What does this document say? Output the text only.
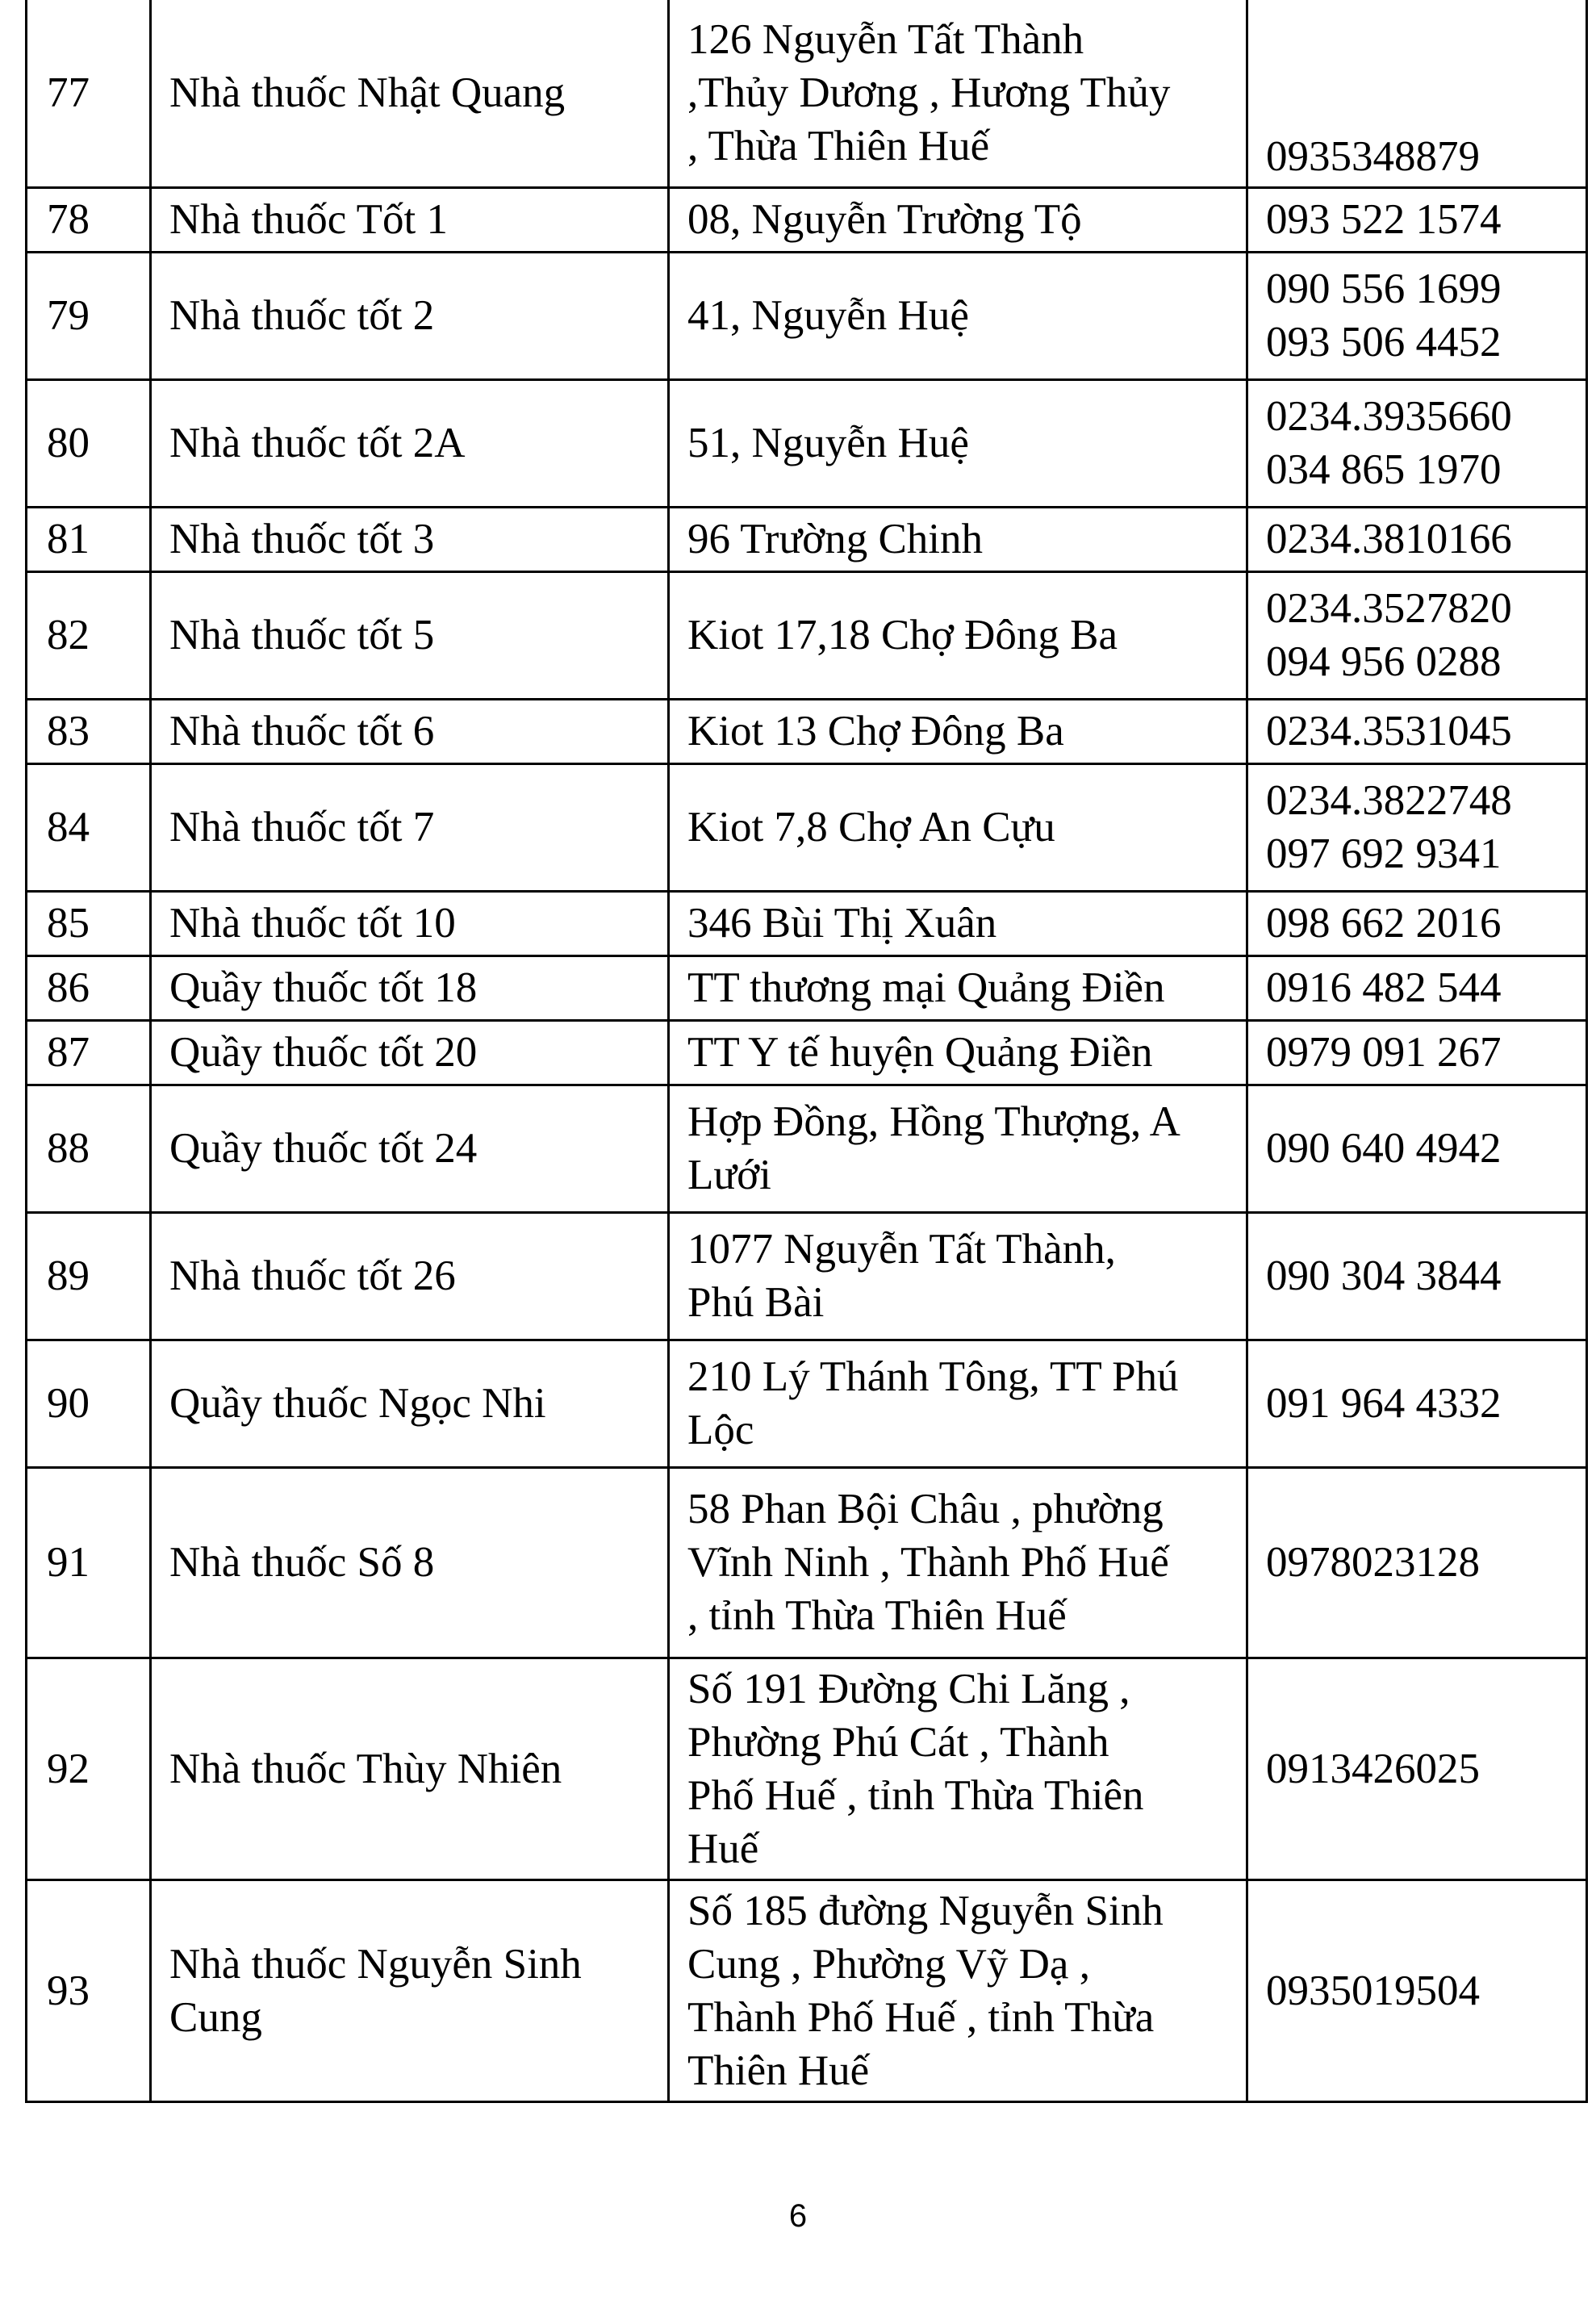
77	Nhà thuốc Nhật Quang	126 Nguyễn Tất Thành
,Thủy Dương , Hương Thủy
, Thừa Thiên Huế	0935348879

78	Nhà thuốc Tốt 1	08, Nguyễn Trường Tộ	093 522 1574

79	Nhà thuốc tốt 2	41, Nguyễn Huệ	090 556 1699
093 506 4452

80	Nhà thuốc tốt 2A	51, Nguyễn Huệ	0234.3935660
034 865 1970

81	Nhà thuốc tốt 3	96 Trường Chinh	0234.3810166

82	Nhà thuốc tốt 5	Kiot 17,18 Chợ Đông Ba	0234.3527820
094 956 0288

83	Nhà thuốc tốt 6	Kiot 13 Chợ Đông Ba	0234.3531045

84	Nhà thuốc tốt 7	Kiot 7,8 Chợ An Cựu	0234.3822748
097 692 9341

85	Nhà thuốc tốt 10	346 Bùi Thị Xuân	098 662 2016

86	Quầy thuốc tốt 18	TT thương mại Quảng Điền	0916 482 544

87	Quầy thuốc tốt 20	TT Y tế huyện Quảng Điền	0979 091 267

88	Quầy thuốc tốt 24	Hợp Đồng, Hồng Thượng, A
Lưới	090 640 4942

89	Nhà thuốc tốt 26	1077 Nguyễn Tất Thành,
Phú Bài	090 304 3844

90	Quầy thuốc Ngọc Nhi	210 Lý Thánh Tông, TT Phú
Lộc	091 964 4332

91	Nhà thuốc Số 8	58 Phan Bội Châu , phường
Vĩnh Ninh , Thành Phố Huế
, tỉnh Thừa Thiên Huế	0978023128

92	Nhà thuốc Thùy Nhiên	Số 191 Đường Chi Lăng ,
Phường Phú Cát , Thành
Phố Huế , tỉnh Thừa Thiên
Huế	0913426025

93	Nhà thuốc Nguyễn Sinh
Cung	Số 185 đường Nguyễn Sinh
Cung , Phường Vỹ Dạ ,
Thành Phố Huế , tỉnh Thừa
Thiên Huế	0935019504
6
